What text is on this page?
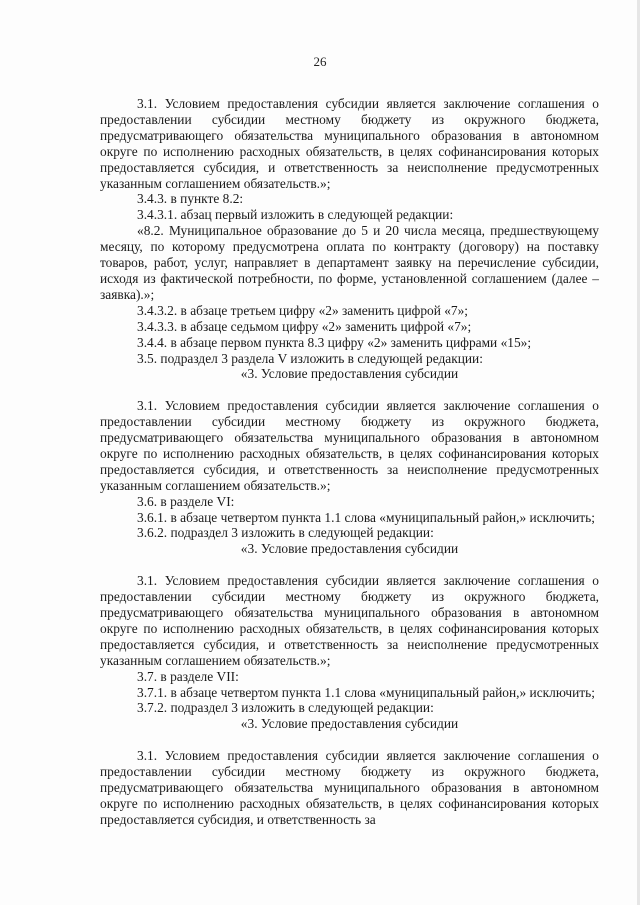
26

3.1. Условием предоставления субсидии является заключение соглашения о предоставлении субсидии местному бюджету из окружного бюджета, предусматривающего обязательства муниципального образования в автономном округе по исполнению расходных обязательств, в целях софинансирования которых предоставляется субсидия, и ответственность за неисполнение предусмотренных указанным соглашением обязательств.»;

3.4.3. в пункте 8.2:

3.4.3.1. абзац первый изложить в следующей редакции:

«8.2. Муниципальное образование до 5 и 20 числа месяца, предшествующему месяцу, по которому предусмотрена оплата по контракту (договору) на поставку товаров, работ, услуг, направляет в департамент заявку на перечисление субсидии, исходя из фактической потребности, по форме, установленной соглашением (далее – заявка).»;

3.4.3.2. в абзаце третьем цифру «2» заменить цифрой «7»;

3.4.3.3. в абзаце седьмом цифру «2» заменить цифрой «7»;

3.4.4. в абзаце первом пункта 8.3 цифру «2» заменить цифрами «15»;

3.5. подраздел 3 раздела V изложить в следующей редакции:

«3. Условие предоставления субсидии

3.1. Условием предоставления субсидии является заключение соглашения о предоставлении субсидии местному бюджету из окружного бюджета, предусматривающего обязательства муниципального образования в автономном округе по исполнению расходных обязательств, в целях софинансирования которых предоставляется субсидия, и ответственность за неисполнение предусмотренных указанным соглашением обязательств.»;

3.6. в разделе VI:

3.6.1. в абзаце четвертом пункта 1.1 слова «муниципальный район,» исключить;

3.6.2. подраздел 3 изложить в следующей редакции:

«3. Условие предоставления субсидии

3.1. Условием предоставления субсидии является заключение соглашения о предоставлении субсидии местному бюджету из окружного бюджета, предусматривающего обязательства муниципального образования в автономном округе по исполнению расходных обязательств, в целях софинансирования которых предоставляется субсидия, и ответственность за неисполнение предусмотренных указанным соглашением обязательств.»;

3.7. в разделе VII:

3.7.1. в абзаце четвертом пункта 1.1 слова «муниципальный район,» исключить;

3.7.2. подраздел 3 изложить в следующей редакции:

«3. Условие предоставления субсидии

3.1. Условием предоставления субсидии является заключение соглашения о предоставлении субсидии местному бюджету из окружного бюджета, предусматривающего обязательства муниципального образования в автономном округе по исполнению расходных обязательств, в целях софинансирования которых предоставляется субсидия, и ответственность за
